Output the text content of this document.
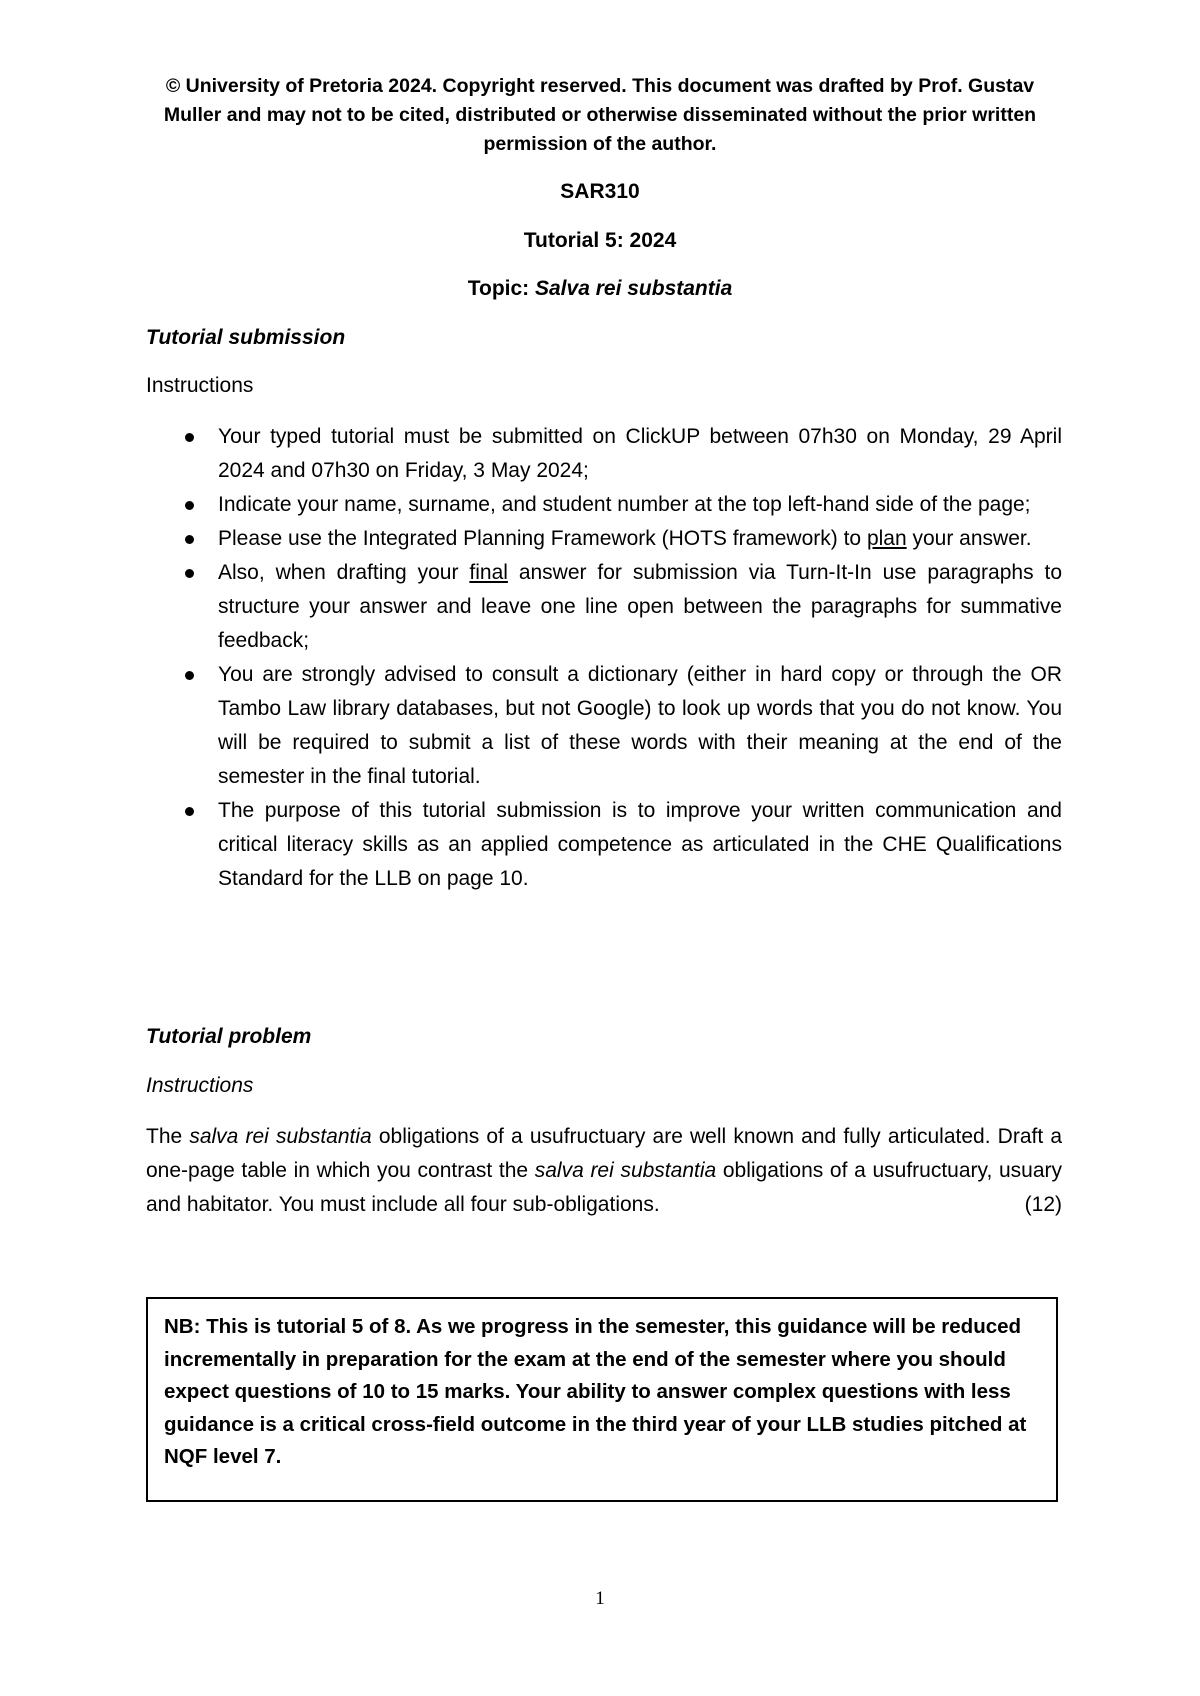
© University of Pretoria 2024. Copyright reserved. This document was drafted by Prof. Gustav Muller and may not to be cited, distributed or otherwise disseminated without the prior written permission of the author.
SAR310
Tutorial 5: 2024
Topic: Salva rei substantia
Tutorial submission
Instructions
Your typed tutorial must be submitted on ClickUP between 07h30 on Monday, 29 April 2024 and 07h30 on Friday, 3 May 2024;
Indicate your name, surname, and student number at the top left-hand side of the page;
Please use the Integrated Planning Framework (HOTS framework) to plan your answer.
Also, when drafting your final answer for submission via Turn-It-In use paragraphs to structure your answer and leave one line open between the paragraphs for summative feedback;
You are strongly advised to consult a dictionary (either in hard copy or through the OR Tambo Law library databases, but not Google) to look up words that you do not know. You will be required to submit a list of these words with their meaning at the end of the semester in the final tutorial.
The purpose of this tutorial submission is to improve your written communication and critical literacy skills as an applied competence as articulated in the CHE Qualifications Standard for the LLB on page 10.
Tutorial problem
Instructions
The salva rei substantia obligations of a usufructuary are well known and fully articulated. Draft a one-page table in which you contrast the salva rei substantia obligations of a usufructuary, usuary and habitator. You must include all four sub-obligations.	(12)
NB: This is tutorial 5 of 8. As we progress in the semester, this guidance will be reduced incrementally in preparation for the exam at the end of the semester where you should expect questions of 10 to 15 marks. Your ability to answer complex questions with less guidance is a critical cross-field outcome in the third year of your LLB studies pitched at NQF level 7.
1
